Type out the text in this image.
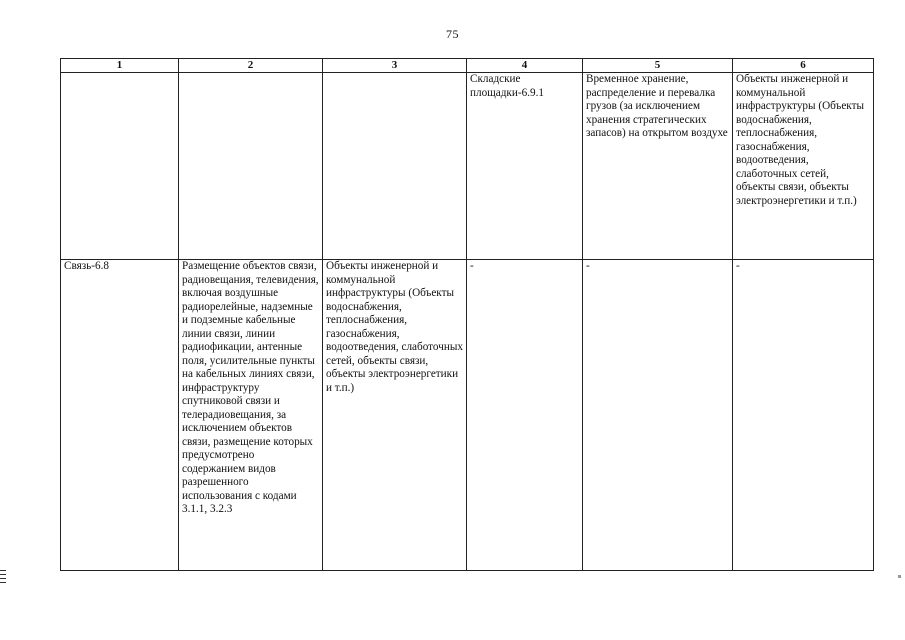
75
1	2	3	4	5	6
			Складские площадки-6.9.1	Временное хранение, распределение и перевалка грузов (за исключением хранения стратегических запасов) на открытом воздухе	Объекты инженерной и коммунальной инфраструктуры (Объекты водоснабжения, теплоснабжения, газоснабжения, водоотведения, слаботочных сетей, объекты связи, объекты электроэнергетики и т.п.)
Связь-6.8	Размещение объектов связи, радиовещания, телевидения, включая воздушные радиорелейные, надземные и подземные кабельные линии связи, линии радиофикации, антенные поля, усилительные пункты на кабельных линиях связи, инфраструктуру спутниковой связи и телерадиовещания, за исключением объектов связи, размещение которых предусмотрено содержанием видов разрешенного использования с кодами 3.1.1, 3.2.3	Объекты инженерной и коммунальной инфраструктуры (Объекты водоснабжения, теплоснабжения, газоснабжения, водоотведения, слаботочных сетей, объекты связи, объекты электроэнергетики и т.п.)	-	-	-
